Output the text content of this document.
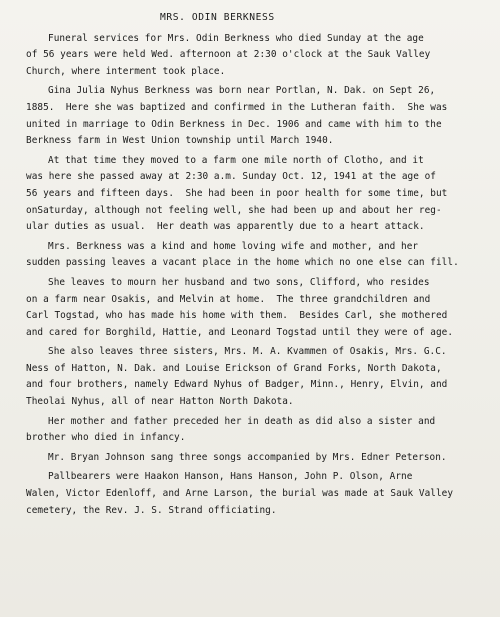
MRS. ODIN BERKNESS
Funeral services for Mrs. Odin Berkness who died Sunday at the age
of 56 years were held Wed. afternoon at 2:30 o'clock at the Sauk Valley
Church, where interment took place.
Gina Julia Nyhus Berkness was born near Portlan, N. Dak. on Sept 26,
1885.  Here she was baptized and confirmed in the Lutheran faith.  She was
united in marriage to Odin Berkness in Dec. 1906 and came with him to the
Berkness farm in West Union township until March 1940.
At that time they moved to a farm one mile north of Clotho, and it
was here she passed away at 2:30 a.m. Sunday Oct. 12, 1941 at the age of
56 years and fifteen days.  She had been in poor health for some time, but
onSaturday, although not feeling well, she had been up and about her reg-
ular duties as usual.  Her death was apparently due to a heart attack.
Mrs. Berkness was a kind and home loving wife and mother, and her
sudden passing leaves a vacant place in the home which no one else can fill.
She leaves to mourn her husband and two sons, Clifford, who resides
on a farm near Osakis, and Melvin at home.  The three grandchildren and
Carl Togstad, who has made his home with them.  Besides Carl, she mothered
and cared for Borghild, Hattie, and Leonard Togstad until they were of age.
She also leaves three sisters, Mrs. M. A. Kvammen of Osakis, Mrs. G.C.
Ness of Hatton, N. Dak. and Louise Erickson of Grand Forks, North Dakota,
and four brothers, namely Edward Nyhus of Badger, Minn., Henry, Elvin, and
Theolai Nyhus, all of near Hatton North Dakota.
Her mother and father preceded her in death as did also a sister and
brother who died in infancy.
Mr. Bryan Johnson sang three songs accompanied by Mrs. Edner Peterson.
Pallbearers were Haakon Hanson, Hans Hanson, John P. Olson, Arne
Walen, Victor Edenloff, and Arne Larson, the burial was made at Sauk Valley
cemetery, the Rev. J. S. Strand officiating.
